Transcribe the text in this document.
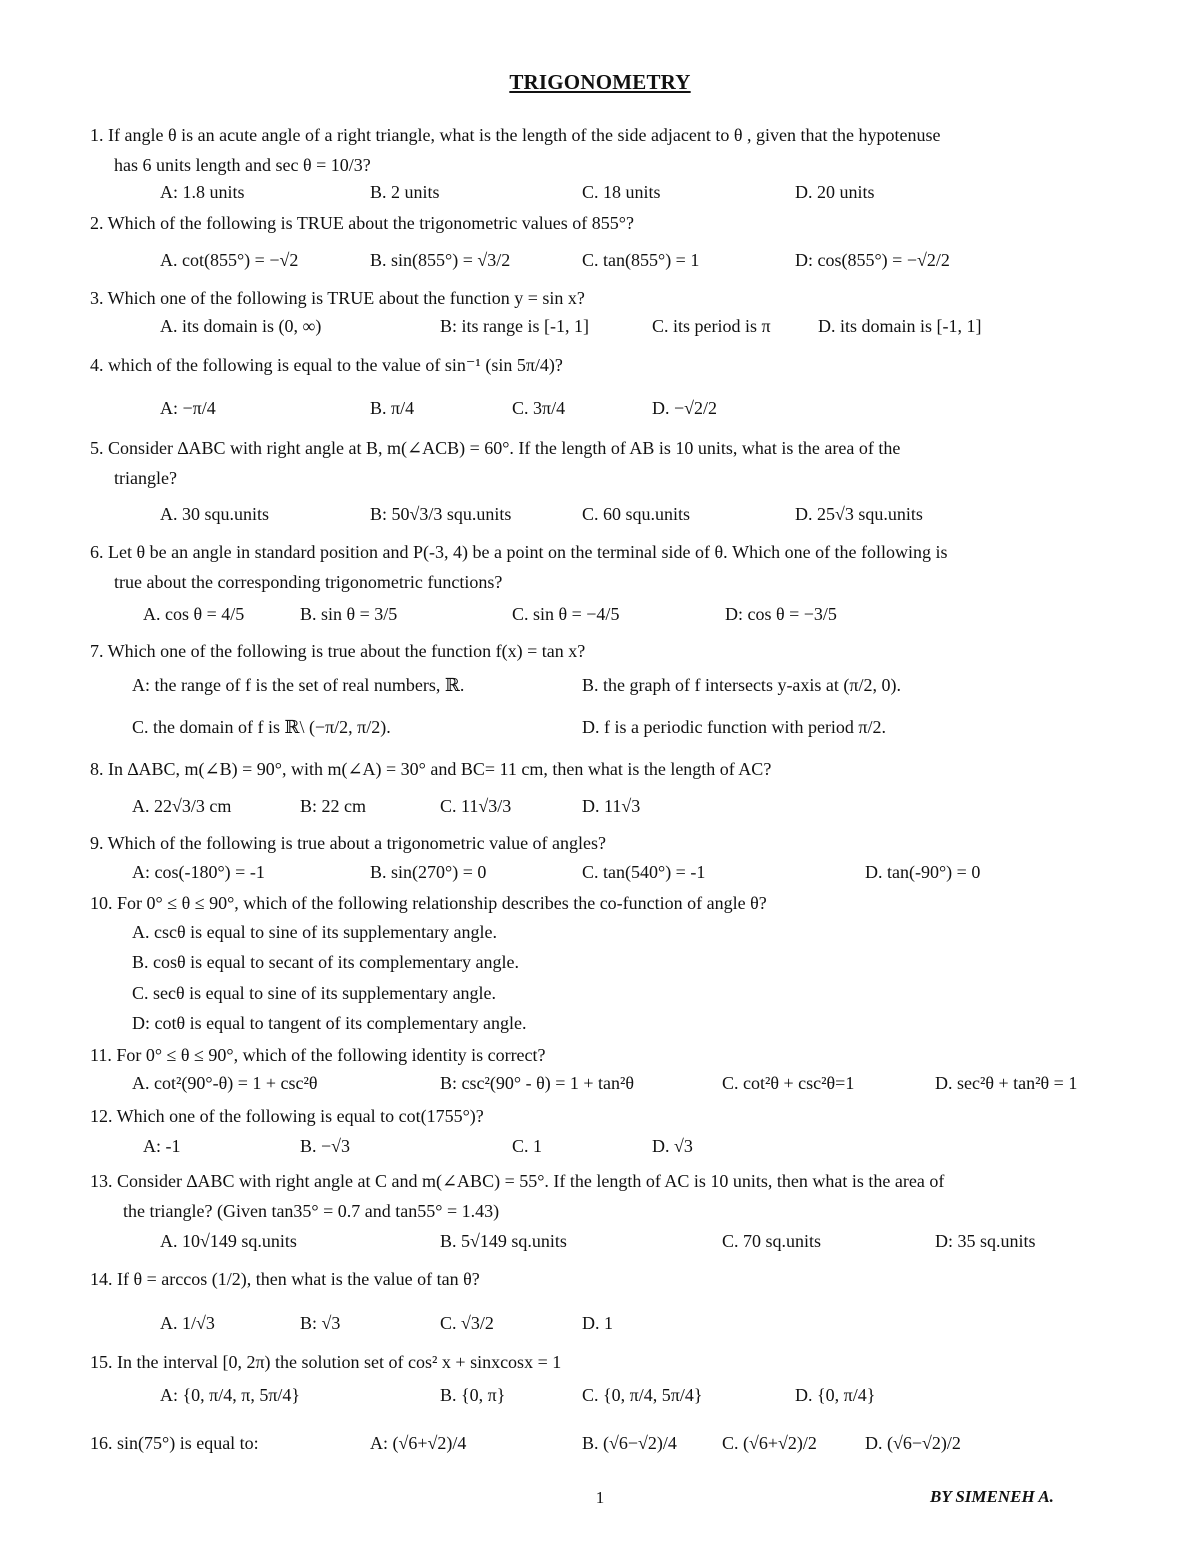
TRIGONOMETRY
1. If angle θ is an acute angle of a right triangle, what is the length of the side adjacent to θ , given that the hypotenuse
has 6 units length and sec θ = 10/3?
A: 1.8 units	B. 2 units	C. 18 units	D. 20 units
2. Which of the following is TRUE about the trigonometric values of 855°?
A. cot(855°) = −√2	B. sin(855°) = √3/2	C. tan(855°) = 1	D: cos(855°) = −√2/2
3. Which one of the following is TRUE about the function y = sin x?
A. its domain is (0, ∞)	B: its range is [-1, 1]	C. its period is π	D. its domain is [-1, 1]
4. which of the following is equal to the value of sin⁻¹ (sin 5π/4)?
A: −π/4	B. π/4	C. 3π/4	D. −√2/2
5. Consider ∆ABC with right angle at B, m(∠ACB) = 60°. If the length of AB is 10 units, what is the area of the
triangle?
A. 30 squ.units	B: 50√3/3 squ.units	C. 60 squ.units	D. 25√3 squ.units
6. Let θ be an angle in standard position and P(-3, 4) be a point on the terminal side of θ. Which one of the following is
true about the corresponding trigonometric functions?
A. cos θ = 4/5	B. sin θ = 3/5	C. sin θ = −4/5	D: cos θ = −3/5
7. Which one of the following is true about the function f(x) = tan x?
A: the range of f is the set of real numbers, ℝ.	B. the graph of f intersects y-axis at (π/2, 0).
C. the domain of f is ℝ\ (−π/2, π/2).	D. f is a periodic function with period π/2.
8. In ∆ABC, m(∠B) = 90°, with m(∠A) = 30° and BC= 11 cm, then what is the length of AC?
A. 22√3/3 cm	B: 22 cm	C. 11√3/3	D. 11√3
9. Which of the following is true about a trigonometric value of angles?
A: cos(-180°) = -1	B. sin(270°) = 0	C. tan(540°) = -1	D. tan(-90°) = 0
10. For 0° ≤ θ ≤ 90°, which of the following relationship describes the co-function of angle θ?
A. cscθ is equal to sine of its supplementary angle.
B. cosθ is equal to secant of its complementary angle.
C. secθ is equal to sine of its supplementary angle.
D: cotθ is equal to tangent of its complementary angle.
11. For 0° ≤ θ ≤ 90°, which of the following identity is correct?
A. cot²(90°-θ) = 1 + csc²θ	B: csc²(90° - θ) = 1 + tan²θ	C. cot²θ + csc²θ=1	D. sec²θ + tan²θ = 1
12. Which one of the following is equal to cot(1755°)?
A: -1	B. −√3	C. 1	D. √3
13. Consider ∆ABC with right angle at C and m(∠ABC) = 55°. If the length of AC is 10 units, then what is the area of
the triangle? (Given tan35° = 0.7 and tan55° = 1.43)
A. 10√149 sq.units	B. 5√149 sq.units	C. 70 sq.units	D: 35 sq.units
14. If θ = arccos (1/2), then what is the value of tan θ?
A. 1/√3	B: √3	C. √3/2	D. 1
15. In the interval [0, 2π) the solution set of cos² x + sinxcosx = 1
A: {0, π/4, π, 5π/4}	B. {0, π}	C. {0, π/4, 5π/4}	D. {0, π/4}
16. sin(75°) is equal to:	A: (√6+√2)/4	B. (√6−√2)/4	C. (√6+√2)/2	D. (√6−√2)/2
1	BY SIMENEH A.
